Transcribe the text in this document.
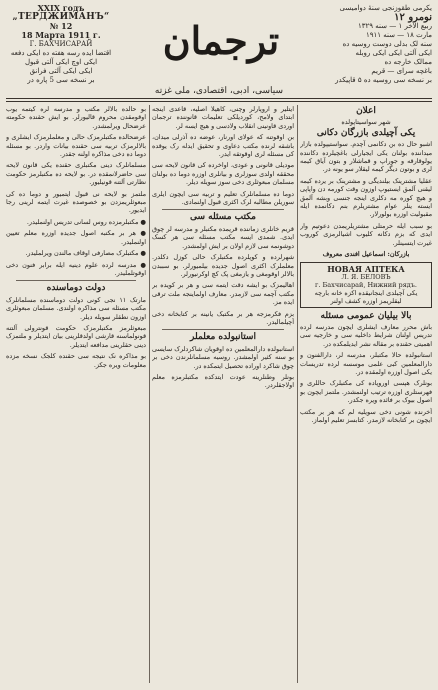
XXIX годъ
„ТЕРДЖИМАНЪ“
№ 12
18 Марта 1911 г.
Г. БАХЧИСАРАЙ
اقتضا ایده رسه هفته ده ایکی دفعه
ایکی اوچ ایکی آلتی قبول
ایکی ایکی آلتی فرانق
بر نسخه سی 5 پاره در
ترجمان
یکرمی طقوزنجی سنهٔ دوامیسی
نومرو ۱۲
ربیع الاخر ۱ — سنه ۱۳۲۹
مارت ۱۸ — سنه ۱۹۱۱
سنه لک بدلی دوست روسیه ده
ایکی آلتی ایکی ایکی روبله
ممالک خارجه ده
باغچه سرای — قریم
بر نسخه سی روسیه ده ۵ قاپیکدر
سیاسی، ادبی، اقتصادی، ملی غزته
اعلان
شهر سواسیتاپولده
یکی آچیلدی بازرگان دکانی

اشبو حال ده بن دکانمی آچدم. سواستیپولده بازار میداننده بولنان یکی ایجیارلی باغچیلرده دکاننده یولوقارقه و جوراپ و قماشلار و بتون آیاق کیمه لری و بوتون دیگر کیمه لیقلار سو یونه در.

عقلیا مشترینک بیلندیگی و مشترینک بر یرده کیمه لیقنی آلمق ایستیوپ اوزون وقت کورمه دن واپاپی و هیچ کوره مه دکلری اینجه جنسی وبشه آلمق ایسته ینلر عوام مشتریلرم بنم دکانمده ایله مقبولیت اوزره بولورلار.

بو سبب ایله حرمتلی مشتریلریمدن دعوتیم وار ایدی که بزم دکانه کلیوب اشیالرمزی کوروب غیرت ایتسینلر.

بازرکان: اسماعیل افندی معروف

НОВАЯ АПТЕКА
Л. Я. БЕЛОВЪ
г. Бахчисарай, Нижний рядъ.
یکی آچیلدی اینجانیقده اکزه خانه بارچه لیقلریمز اوزره کشف اولنر
بالا بیلیان عمومی مسئله

باش محرر معارف ایشلری ایچون مدرسه لرده تدریس اولنان شرایط داخلیه سی و خارجیه سی اهمیتی حقنده بر مقاله نشر ایدیلمکده در.

استانبولده حالا مکتبلر، مدرسه لر، دارالفنون و دارالمعلمین کبی علمی موسسه لرده تدریسات یکی اصول اوزره اولمقده در.

بونلرک هپسی اوروپاده کی مکتبلرک حاللری و فهرستلری اوزره ترتیب اولنمشدر. ملتمز ایچون بو اصول بیوک بر فائده ویره جکدر.

آخرنده شونی دخی سویلیه لم که هر بر مکتب ایچون بر کتابخانه لازمدر. کتابسز تعلیم اولماز.

ایتلیر و اروپارلر وچنی، کاهیلا اصلیه، قاعدی اینجه ابتدای ولامح، کوردیلکی تعلیمات قانوننده ترجمان اوردی قاونینی انقلاب ولادسی و هیچ ایسه لر.

بن اوقوتنه که عولای اورنار، عوضه ده آذرلی میدان، باشقه لرنده مکتب دعاوی و تحقیق ایدله رک یوقده کی مسئله لری اوقوتقه ایدر.

مودیلی قانونی و عودی، اواخرده کی قانون لایحه سی محققه اولدی سوزلری و بیانلری اوزره دوما ده بولنان مسلمان مبعوثلری دخی سوز سویله دیلر.

دوما ده مسلمانلرک تعلیم و تربیه سی ایچون ایلری سوریلن مطالبه لرک اکثری قبول اولنمادی.

مکتب مسئله سی

قریم خانلری زماننده قریمده مکتبلر و مدرسه لر چوق ایدی. شمدی ایسه مکتب مسئله سی هر کسک دوشونمه سی لازم اولان بر ایش اولمشدر.

شهرلرده و کوپلرده مکتبلرک حالی کوزل دکلدر. معلملرک اکثری اصول جدیده بیلمیورلر. بو سببدن بالالر اوقومغی و یازمغی پک کچ اوکرنیورلر.

اهالیمزک بو ایشه دقت ایتمه سی و هر بر کویده بر مکتب آچمه سی لازمدر. معارف اولماینجه ملت ترقی ایده مز.

بزم فکرمزجه هر بر مکتبک یانینه بر کتابخانه دخی آچیلمالیدر.

استانبولده معلملر

استانبولده دارالمعلمین ده اوقویان شاکردلرک سایسی بو سنه کثیر اولمشدر. روسیه مسلمانلرندن دخی بر چوق شاکرد اوراده تحصیل ایتمکده در.

بونلر وطنلرینه عودت ایتدکده مکتبلرمزه معلم اولاجقلردر.

بو حالده بالالر مکتب و مدرسه لره کیتمه یوب اوقومقدن محروم قالیورلر. بو ایش حقنده حکومته عرضحال ویرلمشدر.

عرضحالده مکتبلرمزک حالی و معلملرمزک ایشلری و بالالرمزک تربیه سی حقنده بیانات واردر. بو مسئله دوما ده دخی مذاکره اولنه جقدر.

مسلمانلرک دینی مکتبلری حقنده یکی قانون لایحه سی حاضرلانمقده در. بو لایحه ده مکتبلرمز حکومت نظارتی آلتنه قونیلیور.

ملتمز بو لایحه نی قبول ایتمیور و دوما ده کی مبعوثلریمزدن بو خصوصده غیرت ایتمه لرینی رجا ایدیور.

● مکتبلرمزده روس لسانی تدریس اولنملیدر.

● هر بر مکتبه اصول جدیده اوزره معلم تعیین اولنملیدر.

● مکتبلرک مصارفی اوقاف مالندن ویرلملیدر.

● مدرسه لرده علوم دینیه ایله برابر فنون دخی اوقوتلملیدر.

دولت دوماسنده

مارتک ۱۱ نجی کونی دولت دوماسنده مسلمانلرک مکتب مسئله سی مذاکره اولندی. مسلمان مبعوثلری اوزون نطقلر سویله دیلر.

مبعوثلرمز مکتبلرمزک حکومت قونترولی آلتنه قونولماسنه قارشی اولدقلرینی بیان ایتدیلر و ملتمزک دینی حقلرینی مدافعه ایتدیلر.

بو مذاکره نک نتیجه سی حقنده کلجک نسخه مزده معلومات ویره جکز.
